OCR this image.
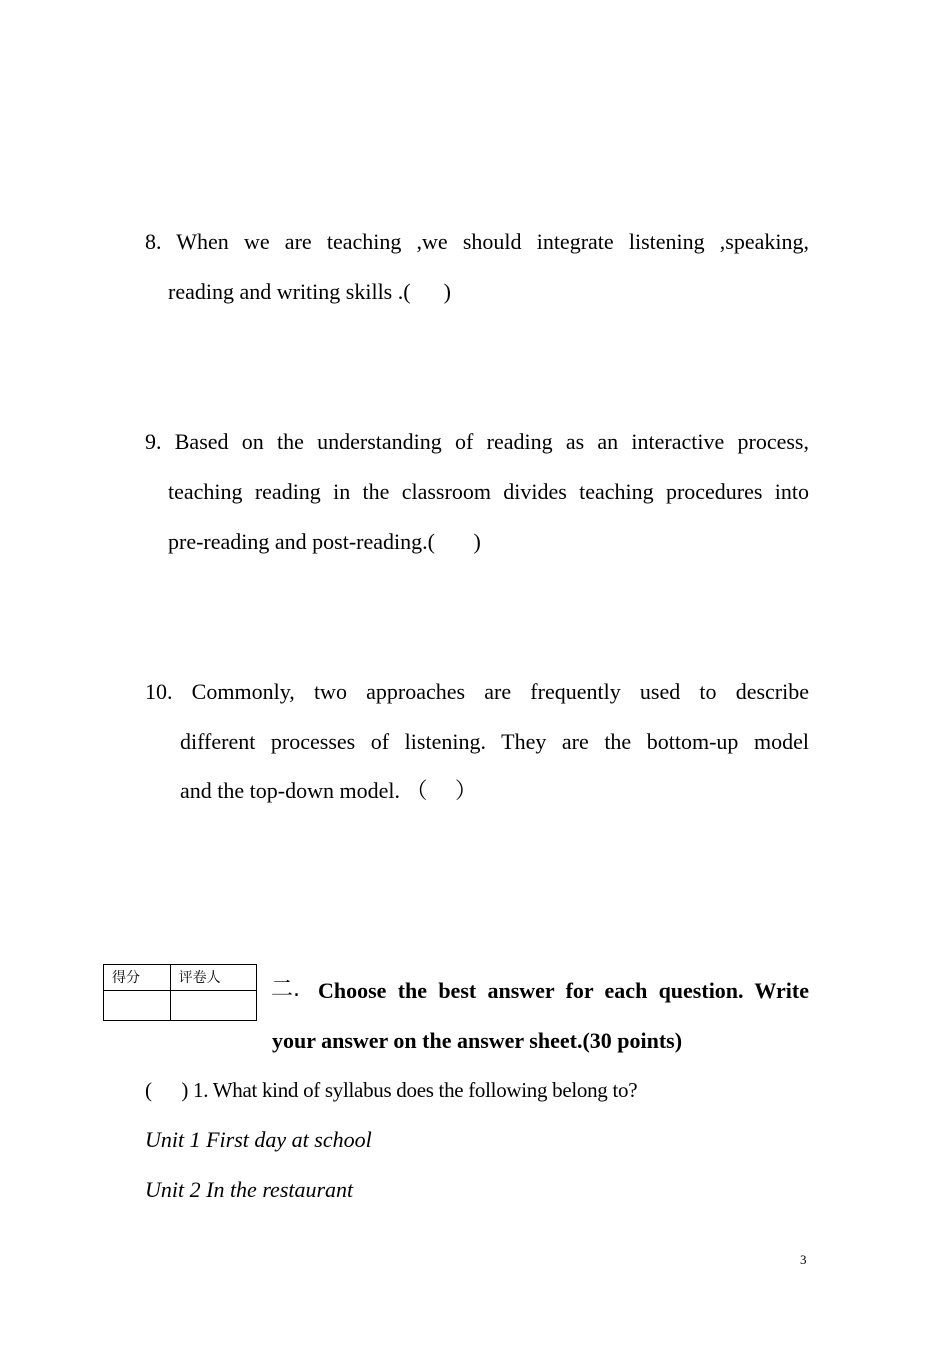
8. When we are teaching ,we should integrate listening ,speaking,
reading and writing skills .(      )
9. Based on the understanding of reading as an interactive process,
teaching reading in the classroom divides teaching procedures into
pre-reading and post-reading.(       )
10. Commonly, two approaches are frequently used to describe
different processes of listening. They are the bottom-up model
and the top-down model. （     ）
得分	评卷人
	二. Choose the best answer for each question. Write
your answer on the answer sheet.(30 points)
(      ) 1. What kind of syllabus does the following belong to?
Unit 1 First day at school
Unit 2 In the restaurant
3
